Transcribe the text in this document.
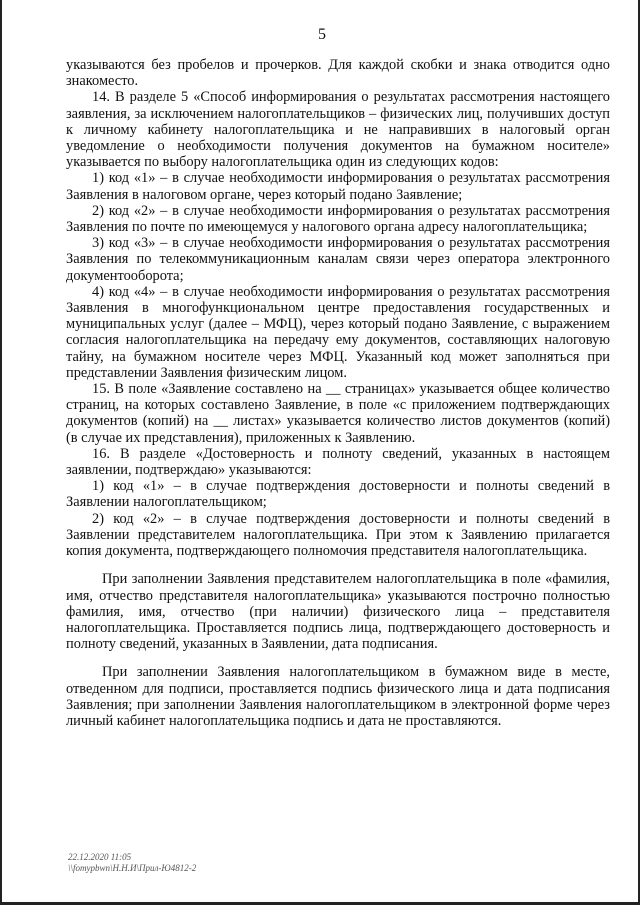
5

указываются без пробелов и прочерков. Для каждой скобки и знака отводится одно знакоместо.

14. В разделе 5 «Способ информирования о результатах рассмотрения настоящего заявления, за исключением налогоплательщиков – физических лиц, получивших доступ к личному кабинету налогоплательщика и не направивших в налоговый орган уведомление о необходимости получения документов на бумажном носителе» указывается по выбору налогоплательщика один из следующих кодов:

1) код «1» – в случае необходимости информирования о результатах рассмотрения Заявления в налоговом органе, через который подано Заявление;

2) код «2» – в случае необходимости информирования о результатах рассмотрения Заявления по почте по имеющемуся у налогового органа адресу налогоплательщика;

3) код «3» – в случае необходимости информирования о результатах рассмотрения Заявления по телекоммуникационным каналам связи через оператора электронного документооборота;

4) код «4» – в случае необходимости информирования о результатах рассмотрения Заявления в многофункциональном центре предоставления государственных и муниципальных услуг (далее – МФЦ), через который подано Заявление, с выражением согласия налогоплательщика на передачу ему документов, составляющих налоговую тайну, на бумажном носителе через МФЦ. Указанный код может заполняться при представлении Заявления физическим лицом.

15. В поле «Заявление составлено на __ страницах» указывается общее количество страниц, на которых составлено Заявление, в поле «с приложением подтверждающих документов (копий) на __ листах» указывается количество листов документов (копий) (в случае их представления), приложенных к Заявлению.

16. В разделе «Достоверность и полноту сведений, указанных в настоящем заявлении, подтверждаю» указываются:

1) код «1» – в случае подтверждения достоверности и полноты сведений в Заявлении налогоплательщиком;

2) код «2» – в случае подтверждения достоверности и полноты сведений в Заявлении представителем налогоплательщика. При этом к Заявлению прилагается копия документа, подтверждающего полномочия представителя налогоплательщика.

При заполнении Заявления представителем налогоплательщика в поле «фамилия, имя, отчество представителя налогоплательщика» указываются построчно полностью фамилия, имя, отчество (при наличии) физического лица – представителя налогоплательщика. Проставляется подпись лица, подтверждающего достоверность и полноту сведений, указанных в Заявлении, дата подписания.

При заполнении Заявления налогоплательщиком в бумажном виде в месте, отведенном для подписи, проставляется подпись физического лица и дата подписания Заявления; при заполнении Заявления налогоплательщиком в электронной форме через личный кабинет налогоплательщика подпись и дата не проставляются.

22.12.2020 11:05
\\fomypbwn\Н.Н.И\Прил-Ю4812-2
